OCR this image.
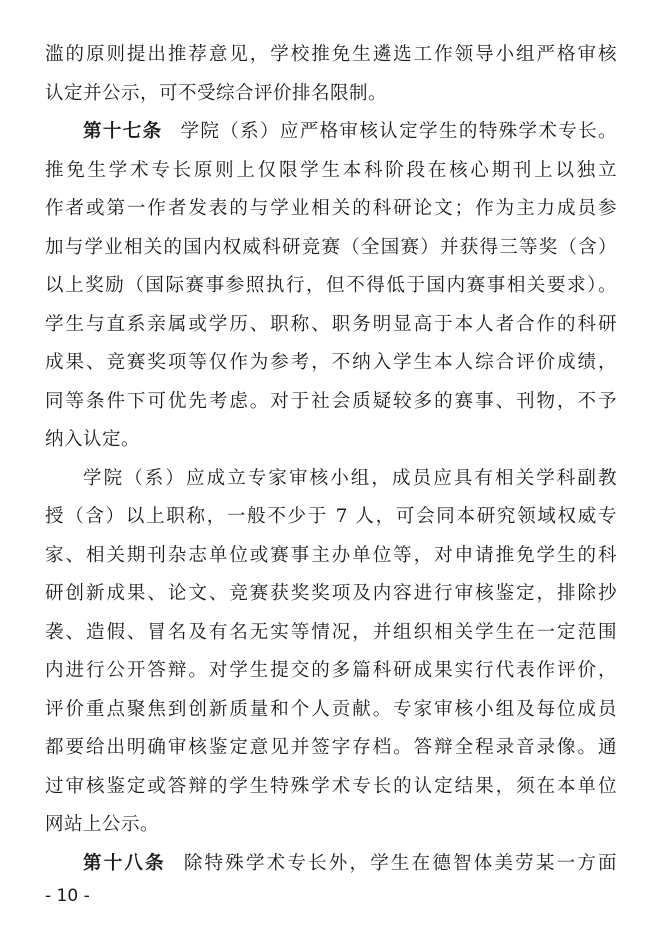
滥的原则提出推荐意见，学校推免生遴选工作领导小组严格审核
认定并公示，可不受综合评价排名限制。
第十七条 学院（系）应严格审核认定学生的特殊学术专长。
推免生学术专长原则上仅限学生本科阶段在核心期刊上以独立
作者或第一作者发表的与学业相关的科研论文；作为主力成员参
加与学业相关的国内权威科研竞赛（全国赛）并获得三等奖（含）
以上奖励（国际赛事参照执行，但不得低于国内赛事相关要求）。
学生与直系亲属或学历、职称、职务明显高于本人者合作的科研
成果、竞赛奖项等仅作为参考，不纳入学生本人综合评价成绩，
同等条件下可优先考虑。对于社会质疑较多的赛事、刊物，不予
纳入认定。
学院（系）应成立专家审核小组，成员应具有相关学科副教
授（含）以上职称，一般不少于 7 人，可会同本研究领域权威专
家、相关期刊杂志单位或赛事主办单位等，对申请推免学生的科
研创新成果、论文、竞赛获奖奖项及内容进行审核鉴定，排除抄
袭、造假、冒名及有名无实等情况，并组织相关学生在一定范围
内进行公开答辩。对学生提交的多篇科研成果实行代表作评价，
评价重点聚焦到创新质量和个人贡献。专家审核小组及每位成员
都要给出明确审核鉴定意见并签字存档。答辩全程录音录像。通
过审核鉴定或答辩的学生特殊学术专长的认定结果，须在本单位
网站上公示。
第十八条 除特殊学术专长外，学生在德智体美劳某一方面
- 10 -
